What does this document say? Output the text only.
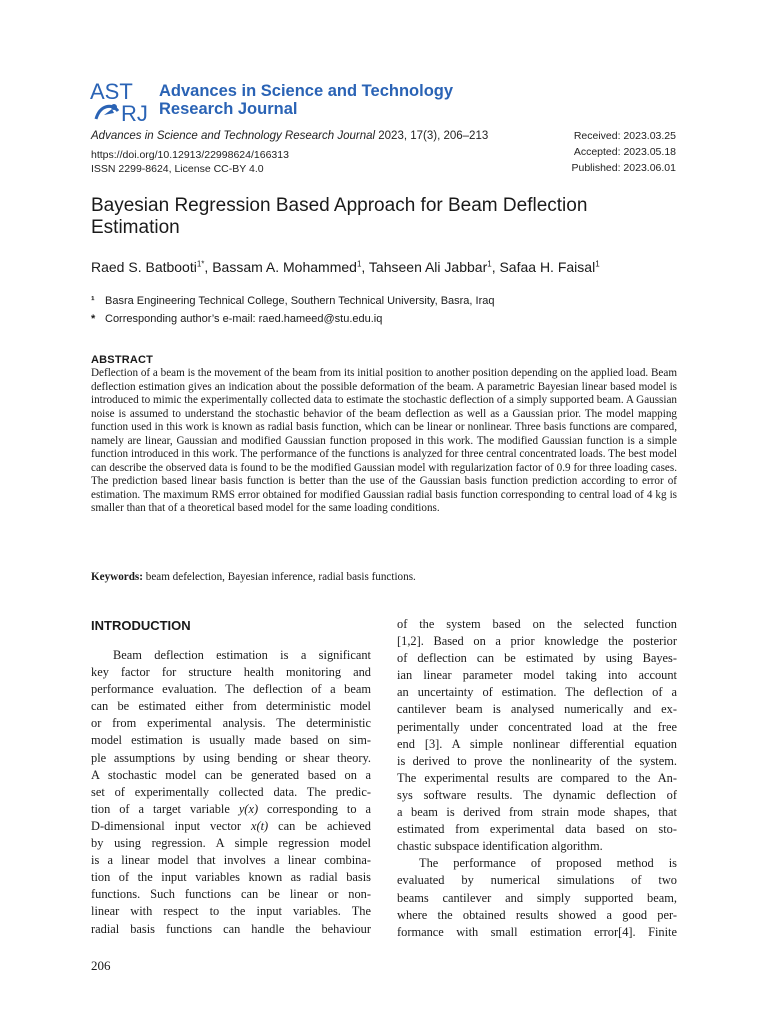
AST
RJ
Advances in Science and Technology
Research Journal
Advances in Science and Technology Research Journal 2023, 17(3), 206–213
https://doi.org/10.12913/22998624/166313
ISSN 2299-8624, License CC-BY 4.0
Received: 2023.03.25
Accepted: 2023.05.18
Published: 2023.06.01
Bayesian Regression Based Approach for Beam Deflection Estimation
Raed S. Batbooti$^{1*}$, Bassam A. Mohammed$^1$, Tahseen Ali Jabbar$^1$, Safaa H. Faisal$^1$
¹ Basra Engineering Technical College, Southern Technical University, Basra, Iraq
* Corresponding author’s e-mail: raed.hameed@stu.edu.iq
ABSTRACT

Deflection of a beam is the movement of the beam from its initial position to another position depending on the applied load. Beam deflection estimation gives an indication about the possible deformation of the beam. A parametric Bayesian linear based model is introduced to mimic the experimentally collected data to estimate the stochastic deflection of a simply supported beam. A Gaussian noise is assumed to understand the stochastic behavior of the beam deflection as well as a Gaussian prior. The model mapping function used in this work is known as radial basis function, which can be linear or nonlinear. Three basis functions are compared, namely are linear, Gaussian and modified Gaussian function proposed in this work. The modified Gaussian function is a simple function introduced in this work. The performance of the functions is analyzed for three central concentrated loads. The best model can describe the observed data is found to be the modified Gaussian model with regularization factor of 0.9 for three loading cases. The prediction based linear basis function is better than the use of the Gaussian basis function prediction according to error of estimation. The maximum RMS error obtained for modified Gaussian radial basis function corresponding to central load of 4 kg is smaller than that of a theoretical based model for the same loading conditions.

Keywords: beam defelection, Bayesian inference, radial basis functions.
INTRODUCTION
Beam deflection estimation is a significant
key factor for structure health monitoring and
performance evaluation. The deflection of a beam
can be estimated either from deterministic model
or from experimental analysis. The deterministic
model estimation is usually made based on sim-
ple assumptions by using bending or shear theory.
A stochastic model can be generated based on a
set of experimentally collected data. The predic-
tion of a target variable y(x) corresponding to a
D-dimensional input vector x(t) can be achieved
by using regression. A simple regression model
is a linear model that involves a linear combina-
tion of the input variables known as radial basis
functions. Such functions can be linear or non-
linear with respect to the input variables. The
radial basis functions can handle the behaviour
of the system based on the selected function
[1,2]. Based on a prior knowledge the posterior
of deflection can be estimated by using Bayes-
ian linear parameter model taking into account
an uncertainty of estimation. The deflection of a
cantilever beam is analysed numerically and ex-
perimentally under concentrated load at the free
end [3]. A simple nonlinear differential equation
is derived to prove the nonlinearity of the system.
The experimental results are compared to the An-
sys software results. The dynamic deflection of
a beam is derived from strain mode shapes, that
estimated from experimental data based on sto-
chastic subspace identification algorithm.
The performance of proposed method is
evaluated by numerical simulations of two
beams cantilever and simply supported beam,
where the obtained results showed a good per-
formance with small estimation error[4]. Finite
206
